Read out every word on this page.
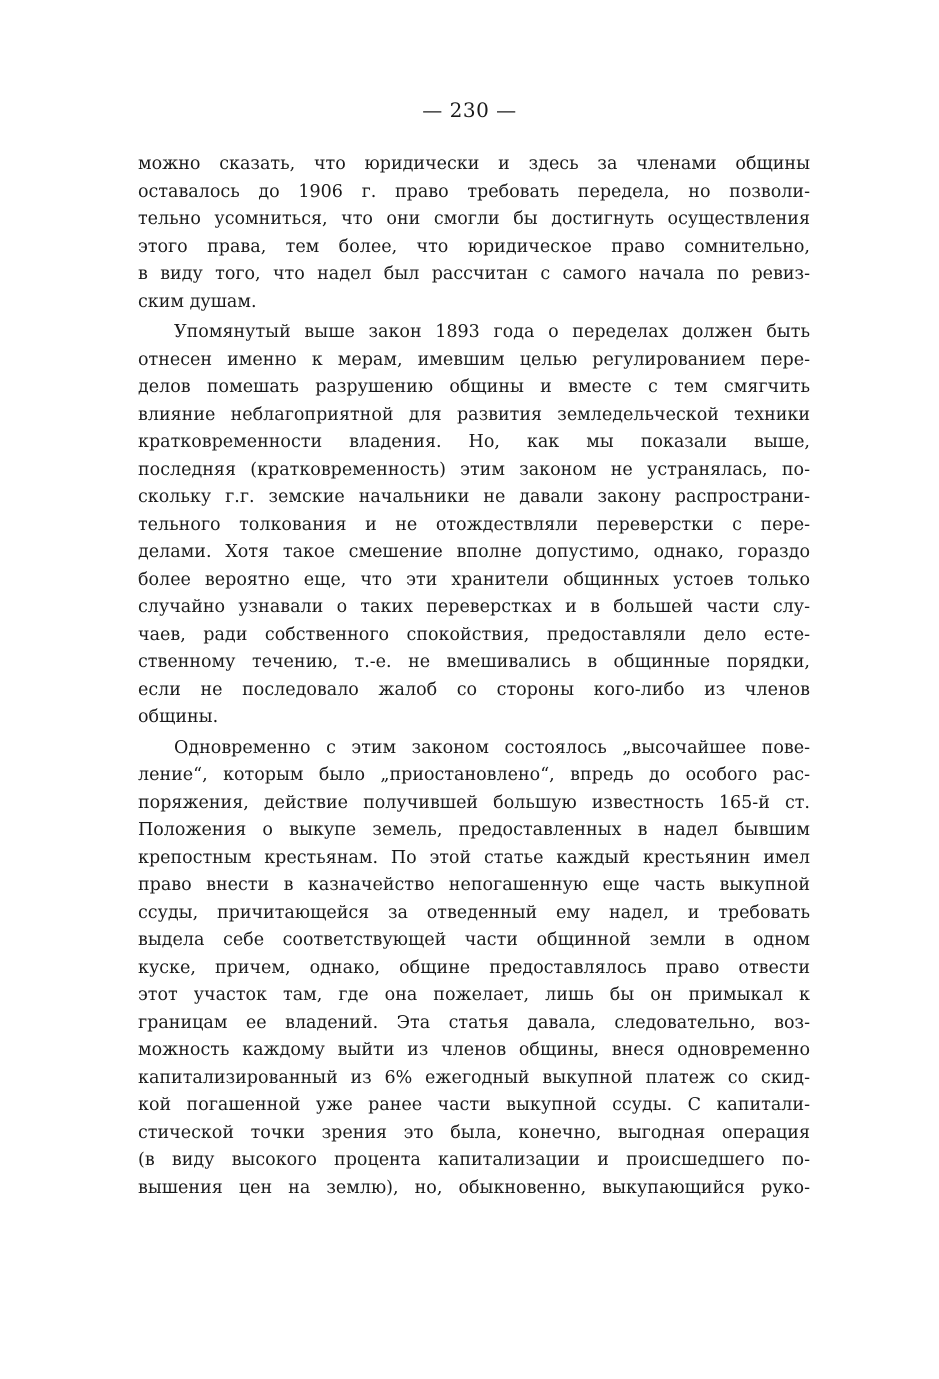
— 230 —
можно сказать, что юридически и здесь за членами общины
оставалось до 1906 г. право требовать передела, но позволи-
тельно усомниться, что они смогли бы достигнуть осуществления
этого права, тем более, что юридическое право сомнительно,
в виду того, что надел был рассчитан с самого начала по ревиз-
ским душам.
Упомянутый выше закон 1893 года о переделах должен быть
отнесен именно к мерам, имевшим целью регулированием пере-
делов помешать разрушению общины и вместе с тем смягчить
влияние неблагоприятной для развития земледельческой техники
кратковременности владения. Но, как мы показали выше,
последняя (кратковременность) этим законом не устранялась, по-
скольку г.г. земские начальники не давали закону распространи-
тельного толкования и не отождествляли переверстки с пере-
делами. Хотя такое смешение вполне допустимо, однако, гораздо
более вероятно еще, что эти хранители общинных устоев только
случайно узнавали о таких переверстках и в большей части слу-
чаев, ради собственного спокойствия, предоставляли дело есте-
ственному течению, т.-е. не вмешивались в общинные порядки,
если не последовало жалоб со стороны кого-либо из членов
общины.
Одновременно с этим законом состоялось „высочайшее пове-
ление“, которым было „приостановлено“, впредь до особого рас-
поряжения, действие получившей большую известность 165-й ст.
Положения о выкупе земель, предоставленных в надел бывшим
крепостным крестьянам. По этой статье каждый крестьянин имел
право внести в казначейство непогашенную еще часть выкупной
ссуды, причитающейся за отведенный ему надел, и требовать
выдела себе соответствующей части общинной земли в одном
куске, причем, однако, общине предоставлялось право отвести
этот участок там, где она пожелает, лишь бы он примыкал к
границам ее владений. Эта статья давала, следовательно, воз-
можность каждому выйти из членов общины, внеся одновременно
капитализированный из 6% ежегодный выкупной платеж со скид-
кой погашенной уже ранее части выкупной ссуды. С капитали-
стической точки зрения это была, конечно, выгодная операция
(в виду высокого процента капитализации и происшедшего по-
вышения цен на землю), но, обыкновенно, выкупающийся руко-
